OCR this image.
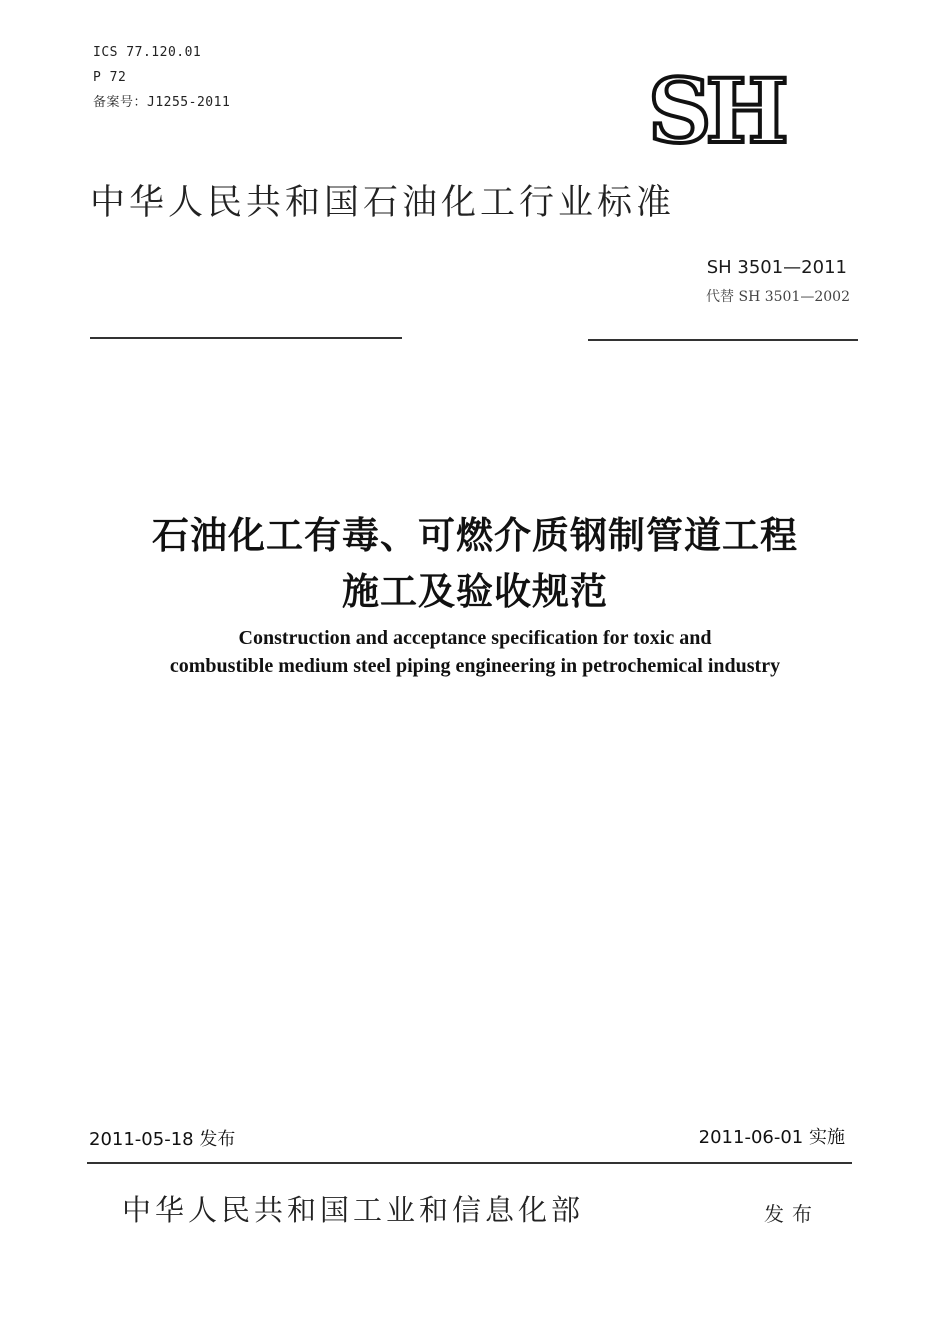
ICS 77.120.01
P 72
备案号：J1255-2011	SH
中华人民共和国石油化工行业标准
SH 3501—2011
代替 SH 3501—2002
石油化工有毒、可燃介质钢制管道工程
施工及验收规范
Construction and acceptance specification for toxic and
combustible medium steel piping engineering in petrochemical industry
2011-05-18 发布	2011-06-01 实施
中华人民共和国工业和信息化部	发布
